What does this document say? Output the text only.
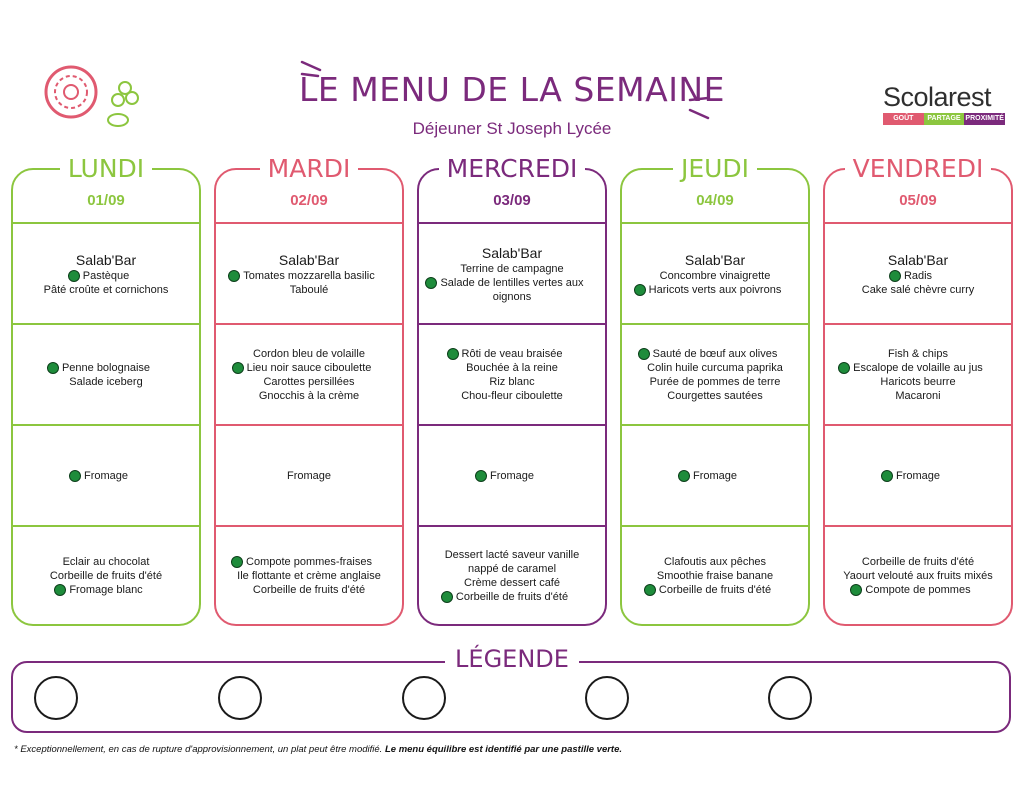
LE MENU DE LA SEMAINE
Déjeuner St Joseph Lycée
Scolarest
GOÛT	PARTAGE PROXIMITÉ
LUNDI
01/09
Salab'Bar
Pastèque
Pâté croûte et cornichons
Penne bolognaise
Salade iceberg
Fromage
Eclair au chocolat
Corbeille de fruits d'été
Fromage blanc
MARDI
02/09
Salab'Bar
Tomates mozzarella basilic
Taboulé
Cordon bleu de volaille
Lieu noir sauce ciboulette
Carottes persillées
Gnocchis à la crème
Fromage
Compote pommes-fraises
Ile flottante et crème anglaise
Corbeille de fruits d'été
MERCREDI
03/09
Salab'Bar
Terrine de campagne
Salade de lentilles vertes aux
oignons
Rôti de veau braisée
Bouchée à la reine
Riz blanc
Chou-fleur ciboulette
Fromage
Dessert lacté saveur vanille
nappé de caramel
Crème dessert café
Corbeille de fruits d'été
JEUDI
04/09
Salab'Bar
Concombre vinaigrette
Haricots verts aux poivrons
Sauté de bœuf aux olives
Colin huile curcuma paprika
Purée de pommes de terre
Courgettes sautées
Fromage
Clafoutis aux pêches
Smoothie fraise banane
Corbeille de fruits d'été
VENDREDI
05/09
Salab'Bar
Radis
Cake salé chèvre curry
Fish & chips
Escalope de volaille au jus
Haricots beurre
Macaroni
Fromage
Corbeille de fruits d'été
Yaourt velouté aux fruits mixés
Compote de pommes
LÉGENDE
* Exceptionnellement, en cas de rupture d'approvisionnement, un plat peut être modifié. Le menu équilibre est identifié par une pastille verte.
